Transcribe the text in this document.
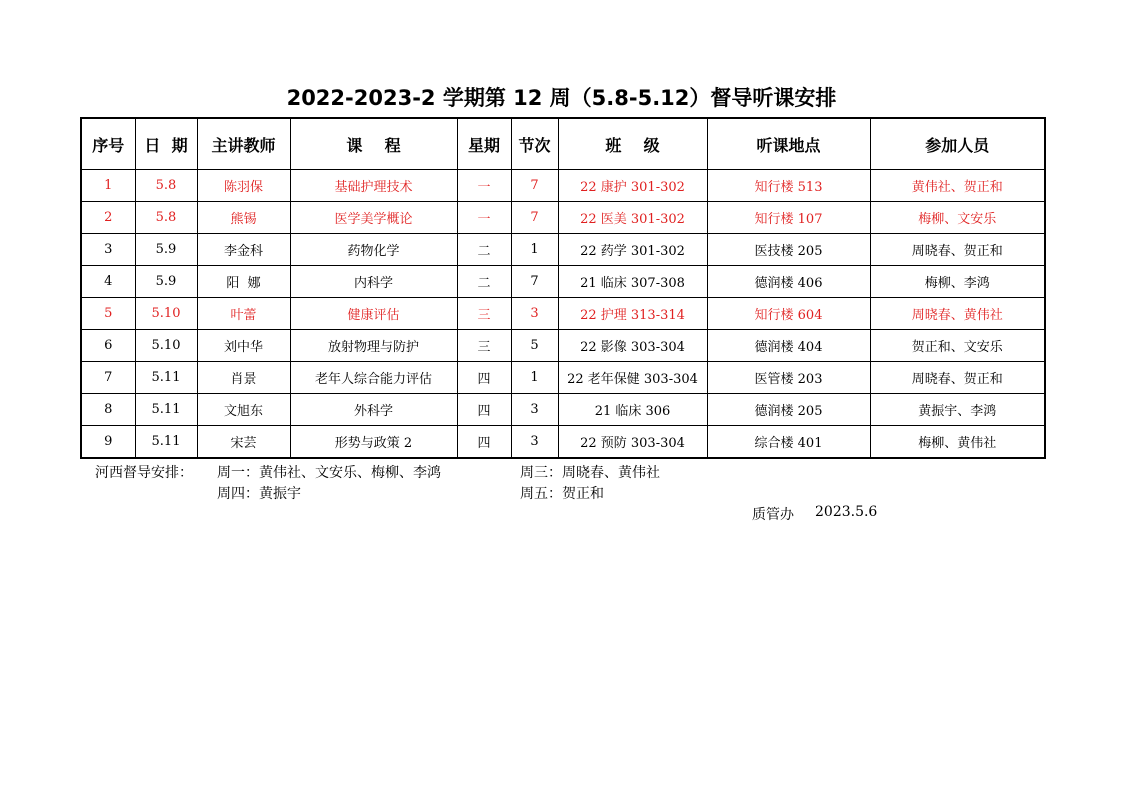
2022-2023-2 学期第 12 周（5.8-5.12）督导听课安排
序号	日  期	主讲教师	课    程	星期	节次	班    级	听课地点	参加人员
1	5.8	陈羽保	基础护理技术	一	7	22 康护 301-302	知行楼 513	黄伟社、贺正和
2	5.8	熊锡	医学美学概论	一	7	22 医美 301-302	知行楼 107	梅柳、文安乐
3	5.9	李金科	药物化学	二	1	22 药学 301-302	医技楼 205	周晓春、贺正和
4	5.9	阳  娜	内科学	二	7	21 临床 307-308	德润楼 406	梅柳、李鸿
5	5.10	叶蕾	健康评估	三	3	22 护理 313-314	知行楼 604	周晓春、黄伟社
6	5.10	刘中华	放射物理与防护	三	5	22 影像 303-304	德润楼 404	贺正和、文安乐
7	5.11	肖景	老年人综合能力评估	四	1	22 老年保健 303-304	医管楼 203	周晓春、贺正和
8	5.11	文旭东	外科学	四	3	21 临床 306	德润楼 205	黄振宇、李鸿
9	5.11	宋芸	形势与政策 2	四	3	22 预防 303-304	综合楼 401	梅柳、黄伟社
河西督导安排： 周一：黄伟社、文安乐、梅柳、李鸿	周三：周晓春、黄伟社
周四：黄振宇	周五：贺正和
质管办 2023.5.6
